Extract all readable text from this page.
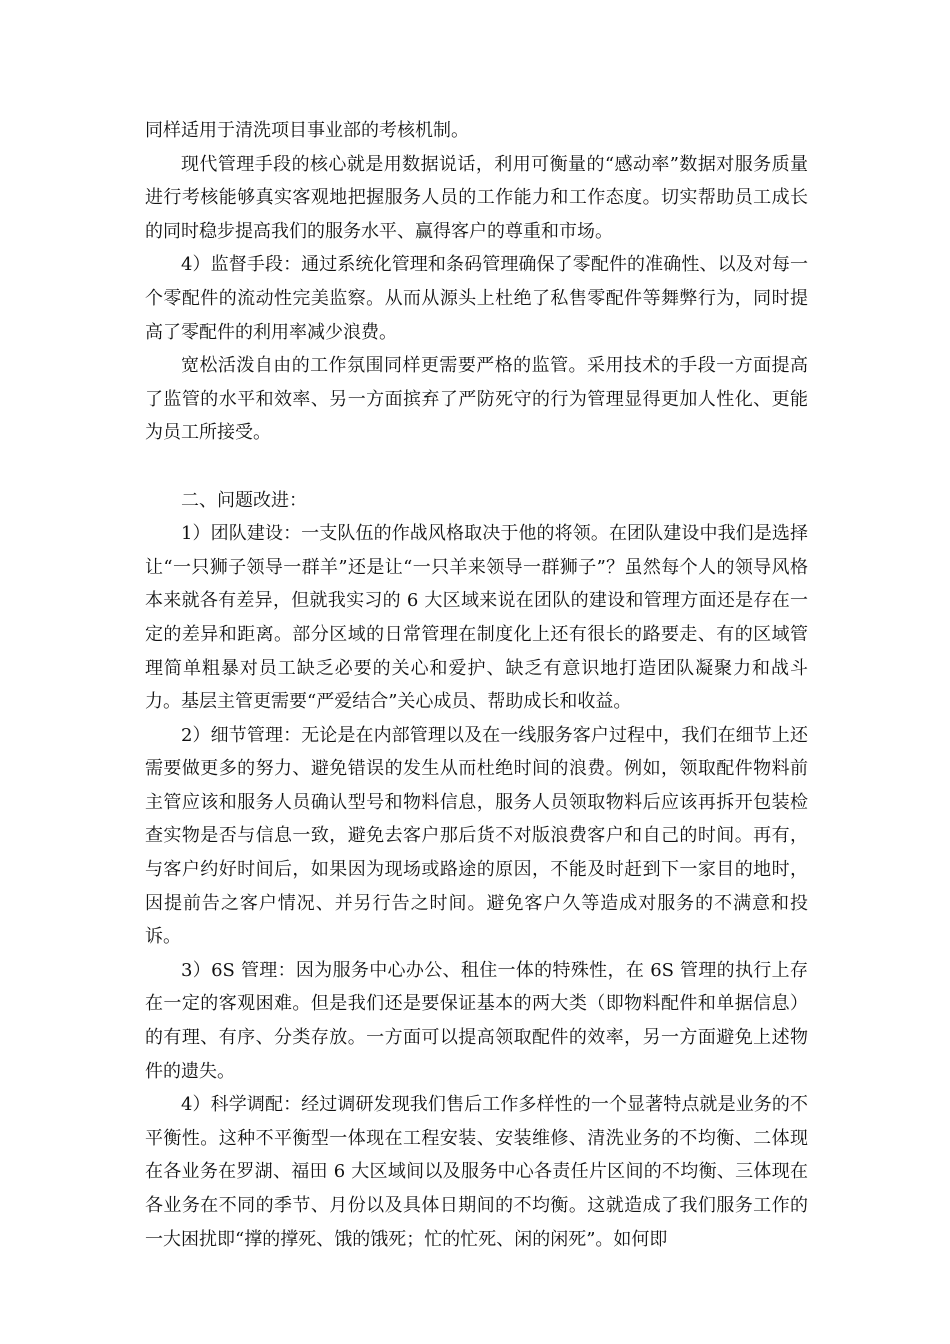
同样适用于清洗项目事业部的考核机制。

现代管理手段的核心就是用数据说话，利用可衡量的“感动率”数据对服务质量进行考核能够真实客观地把握服务人员的工作能力和工作态度。切实帮助员工成长的同时稳步提高我们的服务水平、赢得客户的尊重和市场。

4）监督手段：通过系统化管理和条码管理确保了零配件的准确性、以及对每一个零配件的流动性完美监察。从而从源头上杜绝了私售零配件等舞弊行为，同时提高了零配件的利用率减少浪费。

宽松活泼自由的工作氛围同样更需要严格的监管。采用技术的手段一方面提高了监管的水平和效率、另一方面摈弃了严防死守的行为管理显得更加人性化、更能为员工所接受。

二、问题改进：

1）团队建设：一支队伍的作战风格取决于他的将领。在团队建设中我们是选择让“一只狮子领导一群羊”还是让“一只羊来领导一群狮子”？虽然每个人的领导风格本来就各有差异，但就我实习的 6 大区域来说在团队的建设和管理方面还是存在一定的差异和距离。部分区域的日常管理在制度化上还有很长的路要走、有的区域管理简单粗暴对员工缺乏必要的关心和爱护、缺乏有意识地打造团队凝聚力和战斗力。基层主管更需要“严爱结合”关心成员、帮助成长和收益。

2）细节管理：无论是在内部管理以及在一线服务客户过程中，我们在细节上还需要做更多的努力、避免错误的发生从而杜绝时间的浪费。例如，领取配件物料前主管应该和服务人员确认型号和物料信息，服务人员领取物料后应该再拆开包装检查实物是否与信息一致，避免去客户那后货不对版浪费客户和自己的时间。再有，与客户约好时间后，如果因为现场或路途的原因，不能及时赶到下一家目的地时，因提前告之客户情况、并另行告之时间。避免客户久等造成对服务的不满意和投诉。

3）6S 管理：因为服务中心办公、租住一体的特殊性，在 6S 管理的执行上存在一定的客观困难。但是我们还是要保证基本的两大类（即物料配件和单据信息）的有理、有序、分类存放。一方面可以提高领取配件的效率，另一方面避免上述物件的遗失。

4）科学调配：经过调研发现我们售后工作多样性的一个显著特点就是业务的不平衡性。这种不平衡型一体现在工程安装、安装维修、清洗业务的不均衡、二体现在各业务在罗湖、福田 6 大区域间以及服务中心各责任片区间的不均衡、三体现在各业务在不同的季节、月份以及具体日期间的不均衡。这就造成了我们服务工作的一大困扰即“撑的撑死、饿的饿死；忙的忙死、闲的闲死”。如何即
